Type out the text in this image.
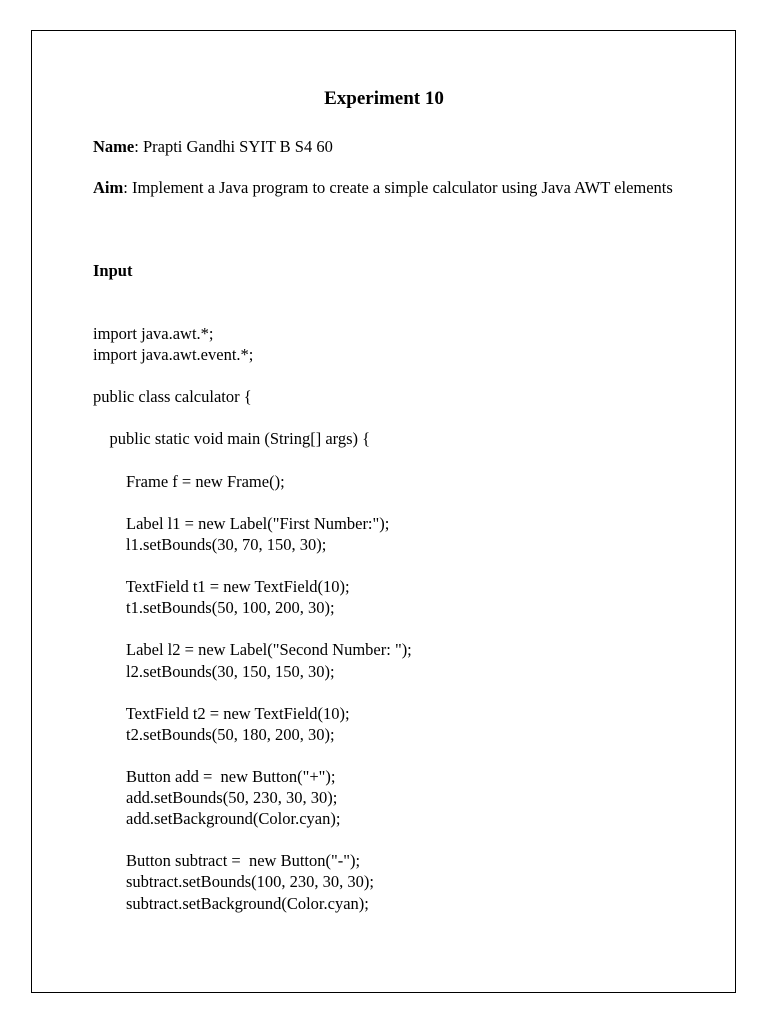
Experiment 10

Name: Prapti Gandhi SYIT B S4 60

Aim: Implement a Java program to create a simple calculator using Java AWT elements

Input

import java.awt.*;
import java.awt.event.*;
public class calculator {
public static void main (String[] args) {
Frame f = new Frame();
Label l1 = new Label("First Number:");
l1.setBounds(30, 70, 150, 30);
TextField t1 = new TextField(10);
t1.setBounds(50, 100, 200, 30);
Label l2 = new Label("Second Number: ");
l2.setBounds(30, 150, 150, 30);
TextField t2 = new TextField(10);
t2.setBounds(50, 180, 200, 30);
Button add =  new Button("+");
add.setBounds(50, 230, 30, 30);
add.setBackground(Color.cyan);
Button subtract =  new Button("-");
subtract.setBounds(100, 230, 30, 30);
subtract.setBackground(Color.cyan);
